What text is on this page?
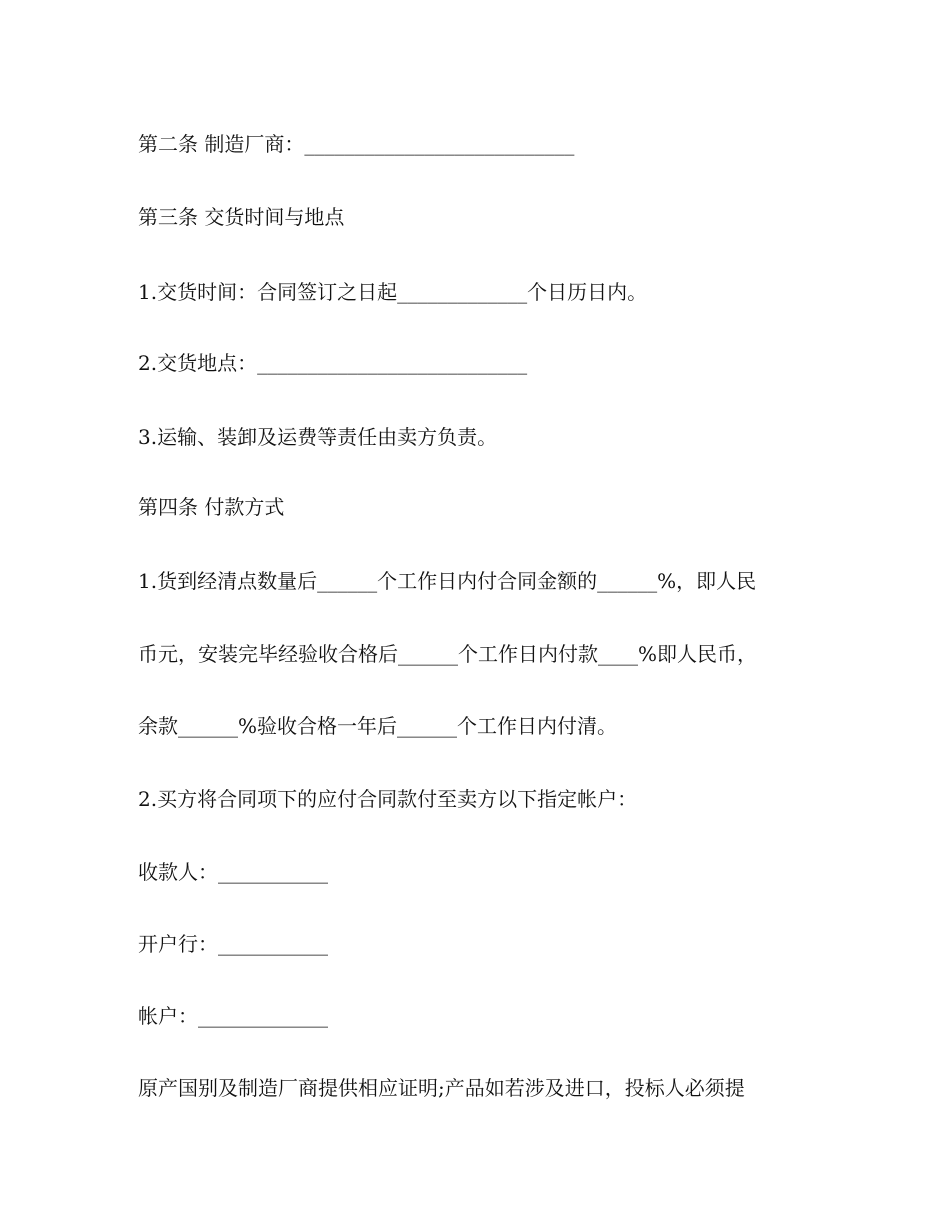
第二条 制造厂商：___________________________
第三条 交货时间与地点
1.交货时间：合同签订之日起_____________个日历日内。
2.交货地点：___________________________
3.运输、装卸及运费等责任由卖方负责。
第四条 付款方式
1.货到经清点数量后______个工作日内付合同金额的______%，即人民
币元，安装完毕经验收合格后______个工作日内付款____%即人民币，
余款______%验收合格一年后______个工作日内付清。
2.买方将合同项下的应付合同款付至卖方以下指定帐户：
收款人：___________
开户行：___________
帐户：_____________
原产国别及制造厂商提供相应证明;产品如若涉及进口，投标人必须提
